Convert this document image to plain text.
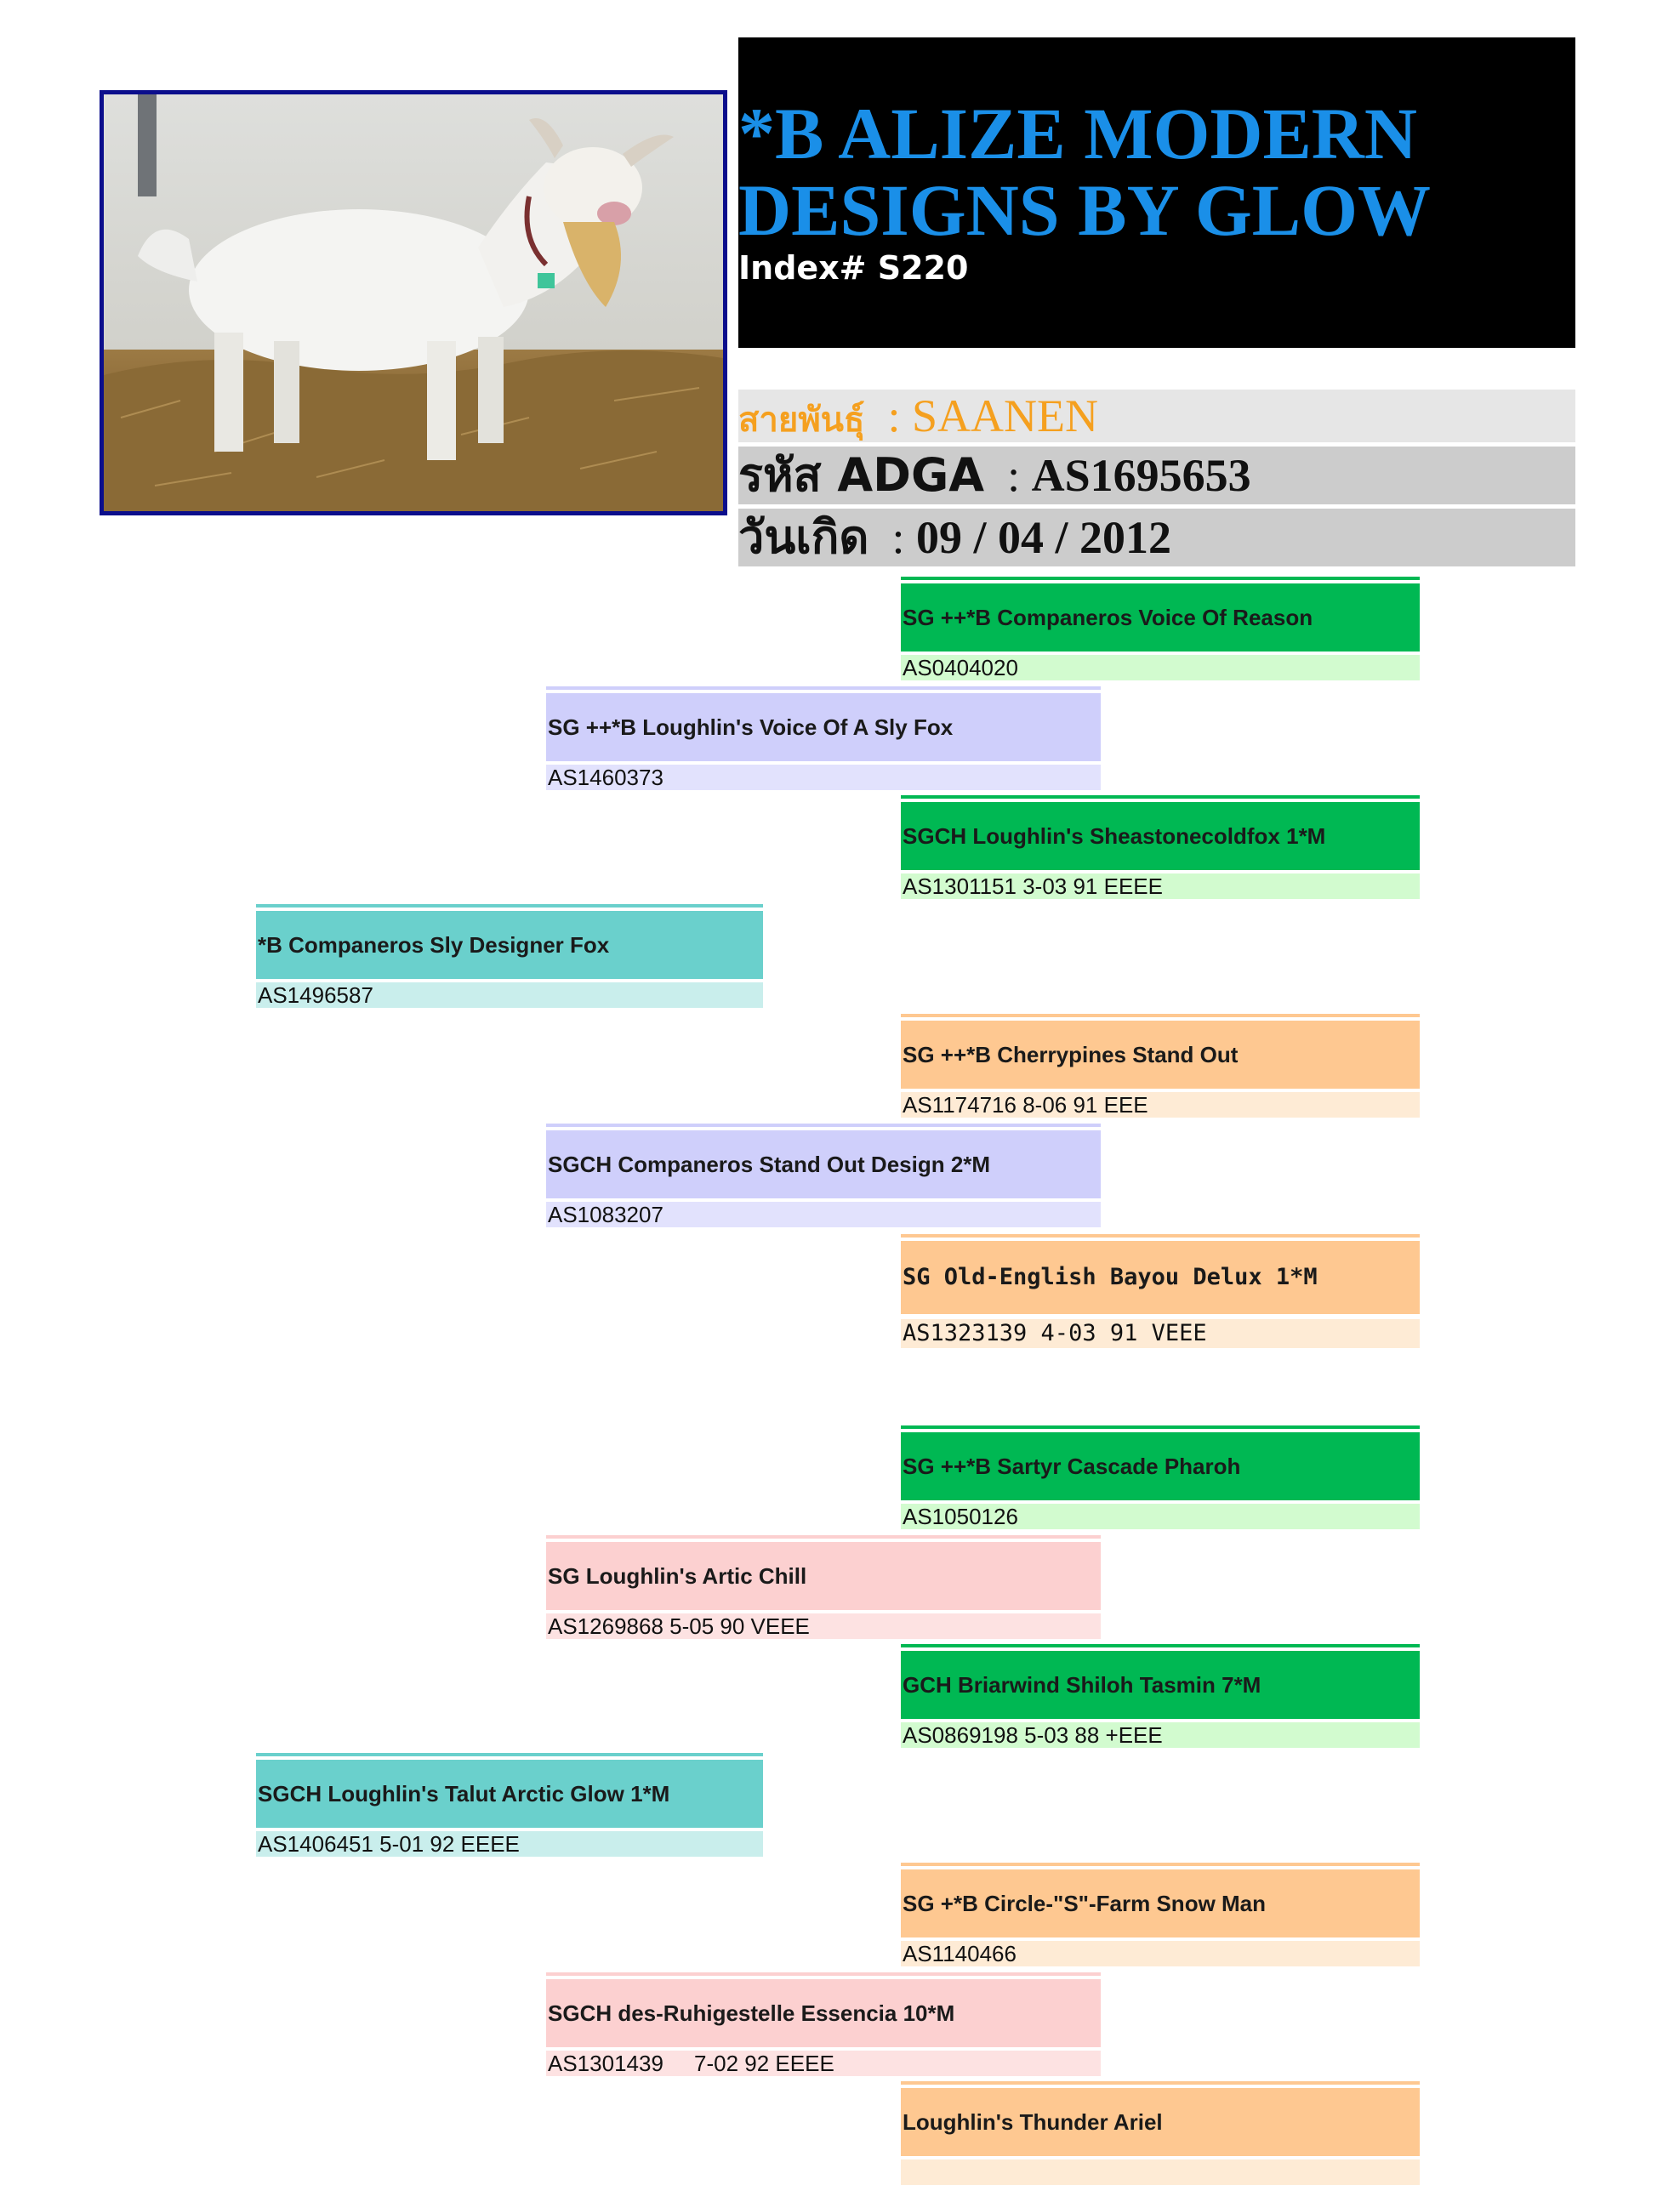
*B ALIZE MODERN
DESIGNS BY GLOW
Index# S220
สายพันธุ์ : SAANEN
รหัส ADGA : AS1695653
วันเกิด : 09 / 04 / 2012
SG ++*B Companeros Voice Of Reason
AS0404020
SG ++*B Loughlin's Voice Of A Sly Fox
AS1460373
SGCH Loughlin's Sheastonecoldfox 1*M
AS1301151 3-03 91 EEEE
*B Companeros Sly Designer Fox
AS1496587
SG ++*B Cherrypines Stand Out
AS1174716 8-06 91 EEE
SGCH Companeros Stand Out Design 2*M
AS1083207
SG Old-English Bayou Delux 1*M
AS1323139 4-03 91 VEEE
SG ++*B Sartyr Cascade Pharoh
AS1050126
SG Loughlin's Artic Chill
AS1269868 5-05 90 VEEE
GCH Briarwind Shiloh Tasmin 7*M
AS0869198 5-03 88 +EEE
SGCH Loughlin's Talut Arctic Glow 1*M
AS1406451 5-01 92 EEEE
SG +*B Circle-"S"-Farm Snow Man
AS1140466
SGCH des-Ruhigestelle Essencia 10*M
AS1301439     7-02 92 EEEE
Loughlin's Thunder Ariel
